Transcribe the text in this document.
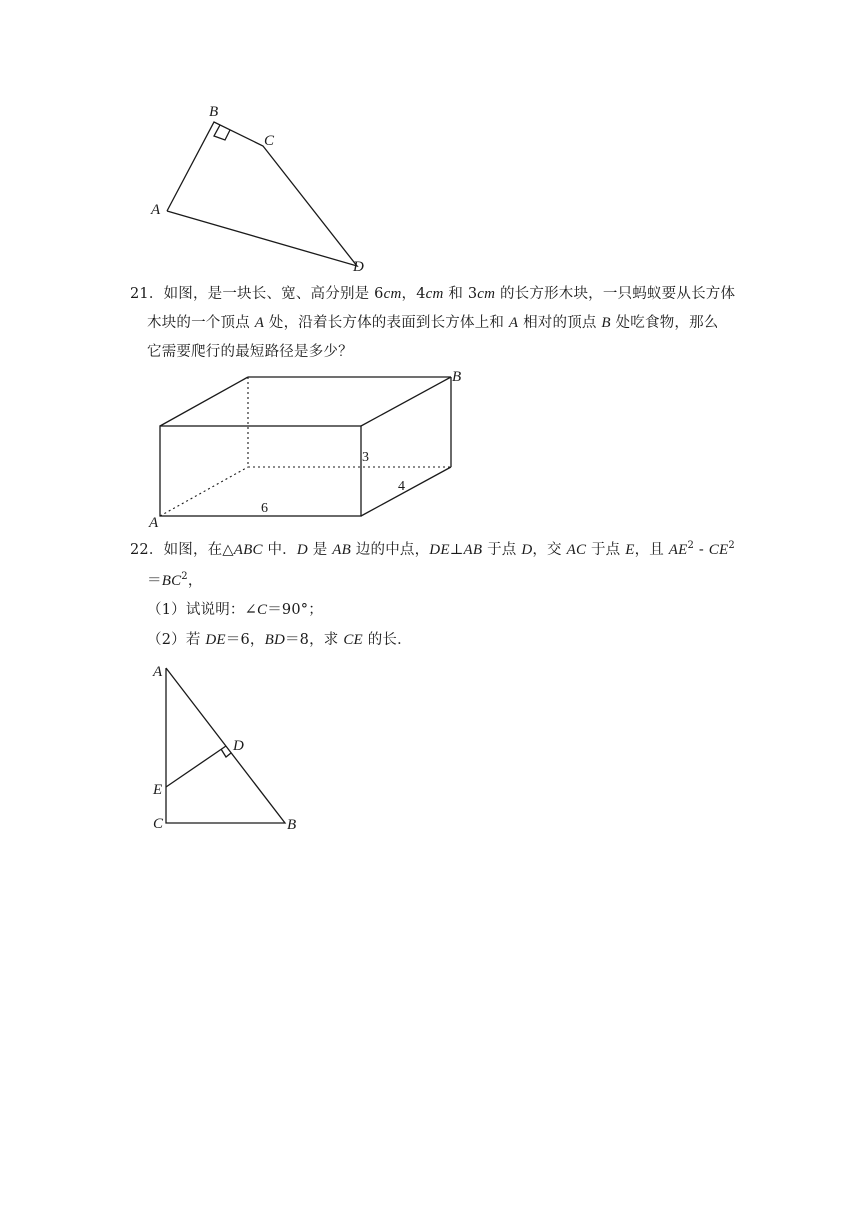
A
B
C
D
21．如图，是一块长、宽、高分别是 6cm，4cm 和 3cm 的长方形木块，一只蚂蚁要从长方体
木块的一个顶点 A 处，沿着长方体的表面到长方体上和 A 相对的顶点 B 处吃食物，那么
它需要爬行的最短路径是多少？
A
B
3
4
6
22．如图，在△ABC 中．D 是 AB 边的中点，DE⊥AB 于点 D，交 AC 于点 E，且 $AE^2 - CE^2$
$=BC^2$，
（1）试说明：∠C＝90°；
（2）若 DE＝6，BD＝8，求 CE 的长．
A
D
E
C	B
